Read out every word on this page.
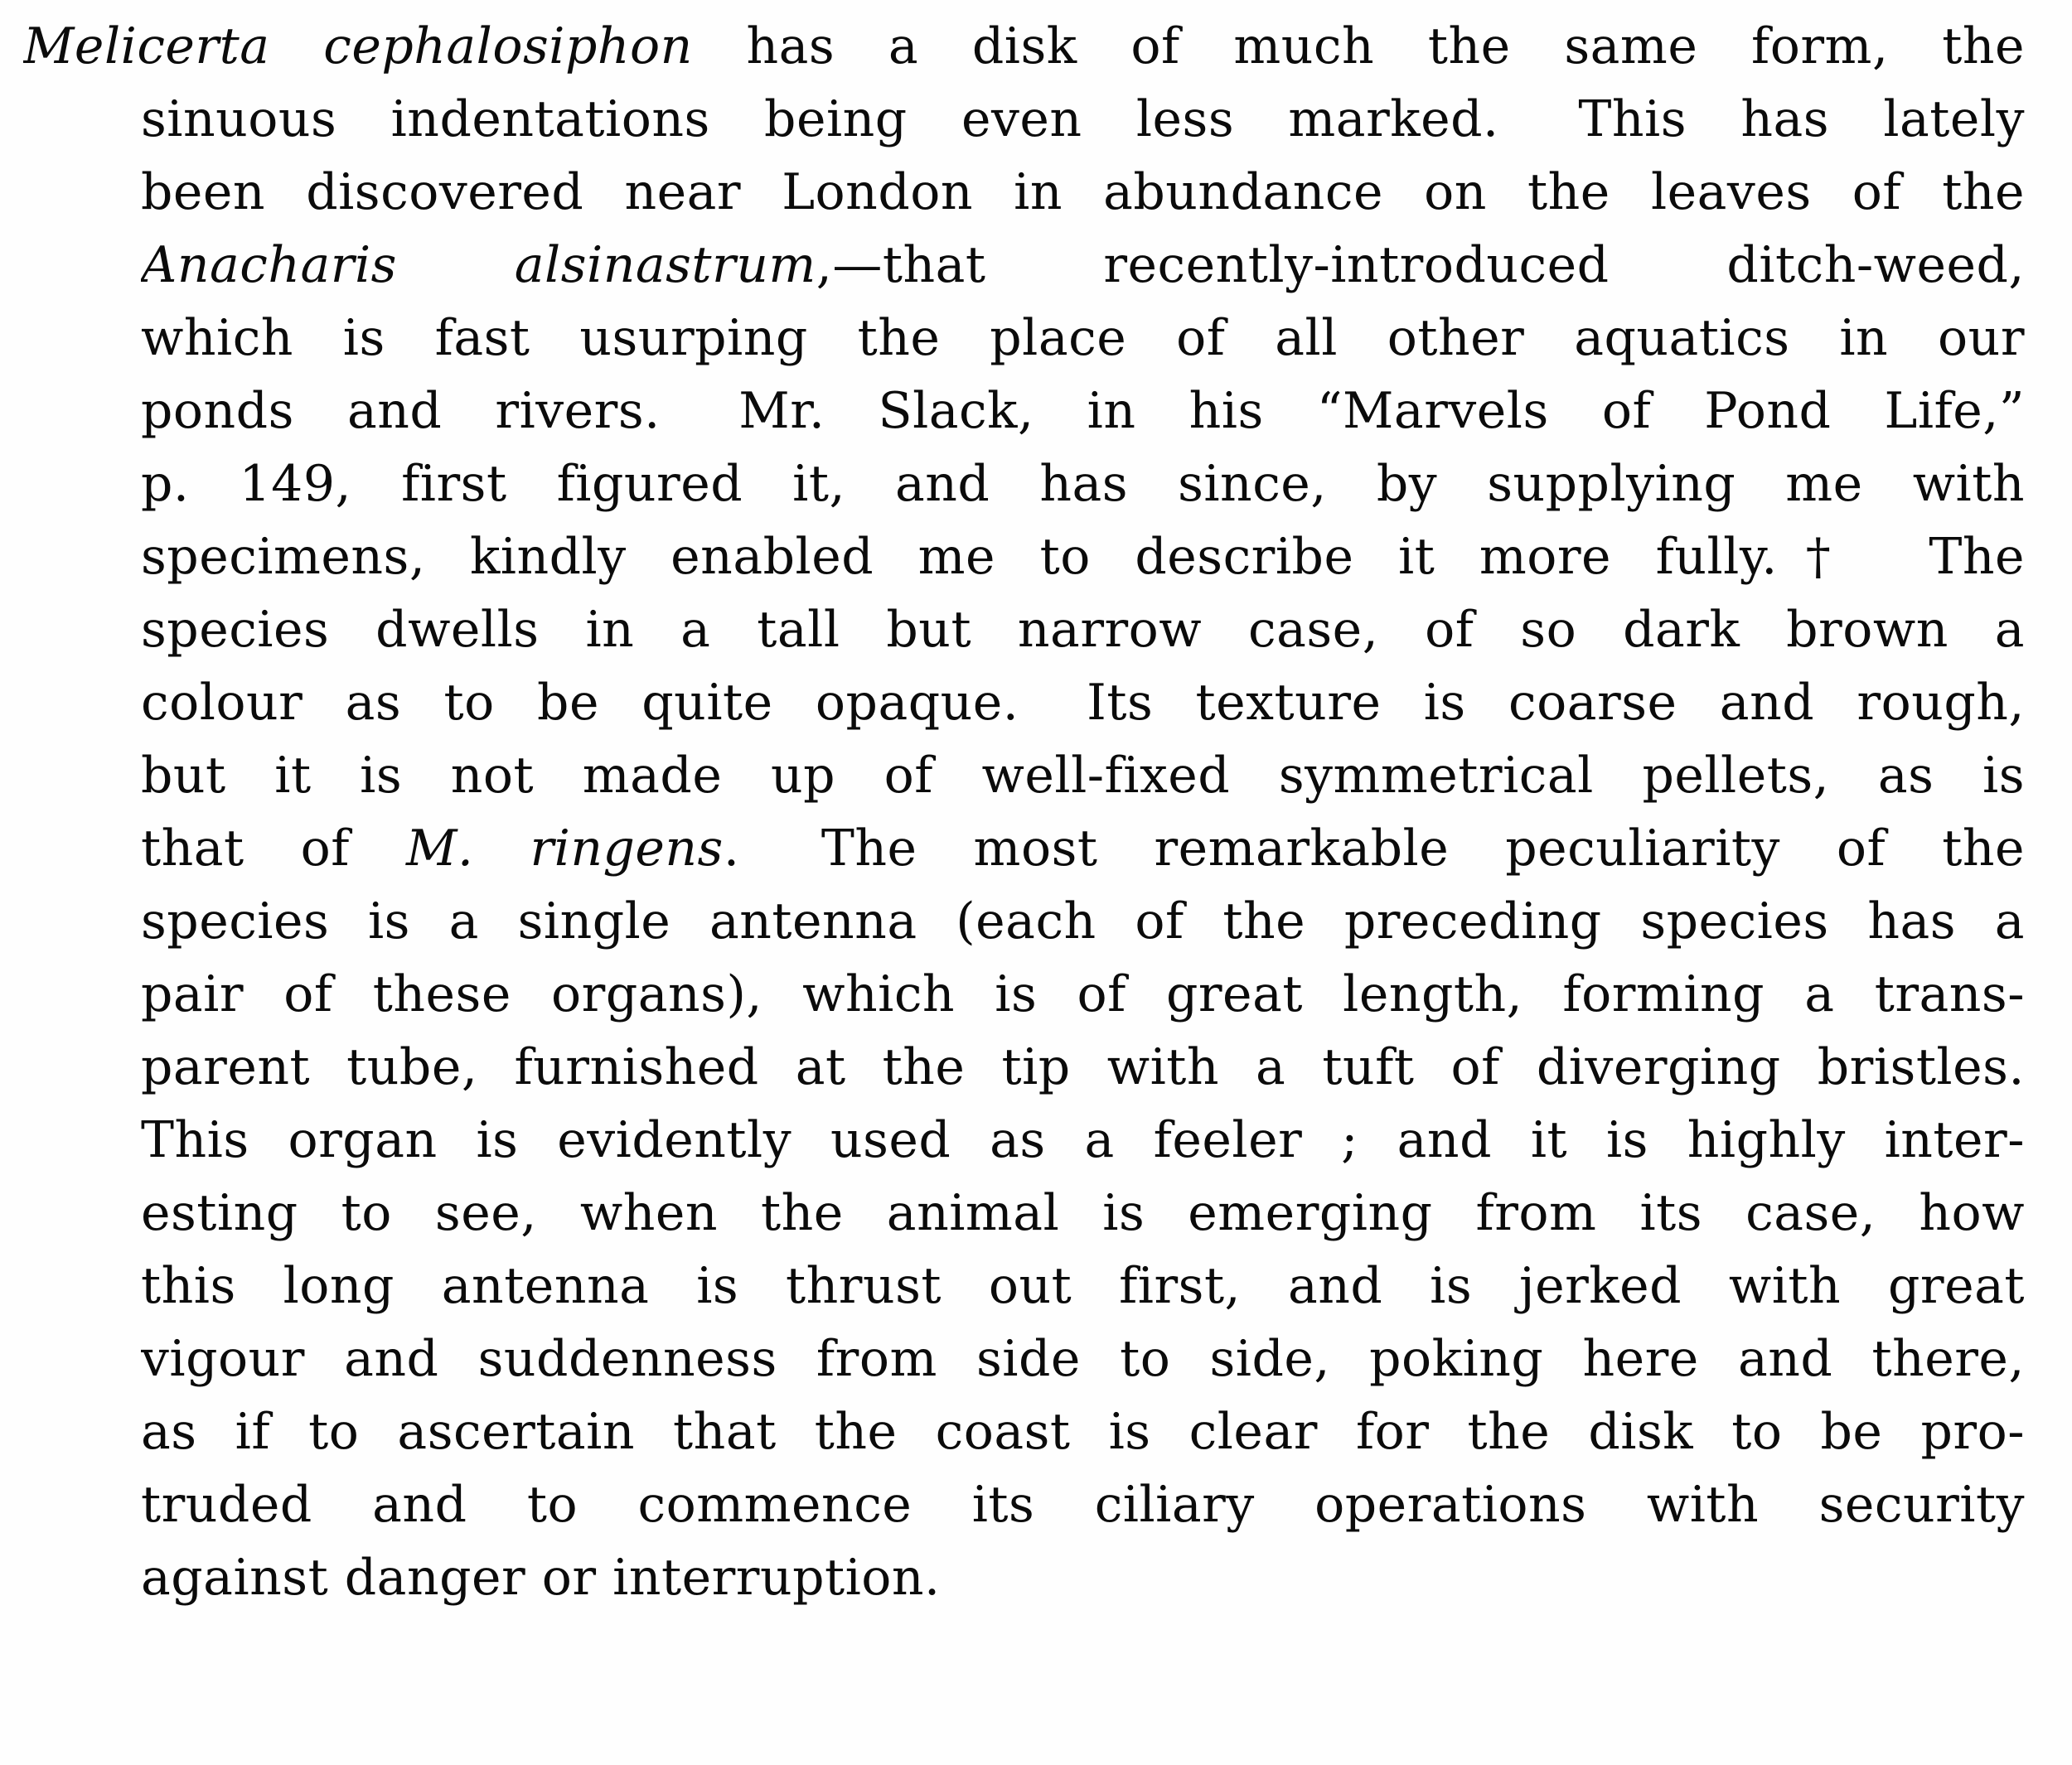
Melicerta cephalosiphon has a disk of much the same form, the
sinuous indentations being even less marked.  This has lately
been discovered near London in abundance on the leaves of the
Anacharis alsinastrum,—that recently-introduced ditch-weed,
which is fast usurping the place of all other aquatics in our
ponds and rivers.  Mr. Slack, in his “Marvels of Pond Life,”
p. 149, first figured it, and has since, by supplying me with
specimens, kindly enabled me to describe it more fully.†  The
species dwells in a tall but narrow case, of so dark brown a
colour as to be quite opaque.  Its texture is coarse and rough,
but it is not made up of well-fixed symmetrical pellets, as is
that of M. ringens.  The most remarkable peculiarity of the
species is a single antenna (each of the preceding species has a
pair of these organs), which is of great length, forming a trans-
parent tube, furnished at the tip with a tuft of diverging bristles.
This organ is evidently used as a feeler ; and it is highly inter-
esting to see, when the animal is emerging from its case, how
this long antenna is thrust out first, and is jerked with great
vigour and suddenness from side to side, poking here and there,
as if to ascertain that the coast is clear for the disk to be pro-
truded and to commence its ciliary operations with security
against danger or interruption.
